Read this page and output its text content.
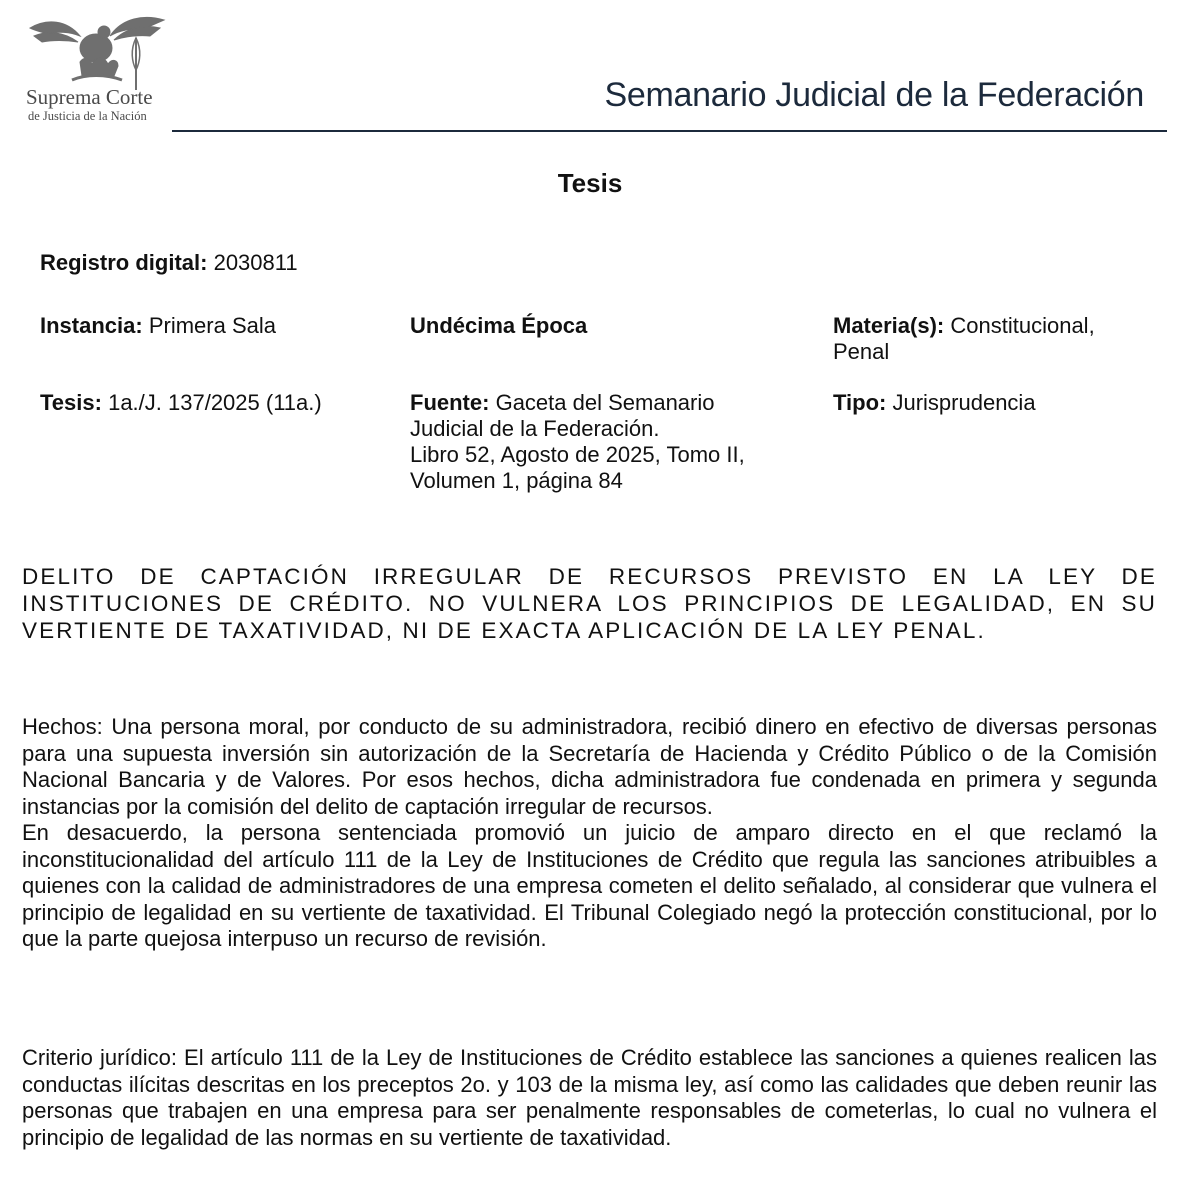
Suprema Corte
de Justicia de la Nación
Semanario Judicial de la Federación
Tesis
Registro digital: 2030811
Instancia: Primera Sala	Undécima Época	Materia(s): Constitucional,
Penal
Tesis: 1a./J. 137/2025 (11a.)	Fuente: Gaceta del Semanario
Judicial de la Federación.
Libro 52, Agosto de 2025, Tomo II,
Volumen 1, página 84
Tipo: Jurisprudencia
DELITO DE CAPTACIÓN IRREGULAR DE RECURSOS PREVISTO EN LA LEY DE INSTITUCIONES DE CRÉDITO. NO VULNERA LOS PRINCIPIOS DE LEGALIDAD, EN SU VERTIENTE DE TAXATIVIDAD, NI DE EXACTA APLICACIÓN DE LA LEY PENAL.

Hechos: Una persona moral, por conducto de su administradora, recibió dinero en efectivo de diversas personas para una supuesta inversión sin autorización de la Secretaría de Hacienda y Crédito Público o de la Comisión Nacional Bancaria y de Valores. Por esos hechos, dicha administradora fue condenada en primera y segunda instancias por la comisión del delito de captación irregular de recursos.

En desacuerdo, la persona sentenciada promovió un juicio de amparo directo en el que reclamó la inconstitucionalidad del artículo 111 de la Ley de Instituciones de Crédito que regula las sanciones atribuibles a quienes con la calidad de administradores de una empresa cometen el delito señalado, al considerar que vulnera el principio de legalidad en su vertiente de taxatividad. El Tribunal Colegiado negó la protección constitucional, por lo que la parte quejosa interpuso un recurso de revisión.

Criterio jurídico: El artículo 111 de la Ley de Instituciones de Crédito establece las sanciones a quienes realicen las conductas ilícitas descritas en los preceptos 2o. y 103 de la misma ley, así como las calidades que deben reunir las personas que trabajen en una empresa para ser penalmente responsables de cometerlas, lo cual no vulnera el principio de legalidad de las normas en su vertiente de taxatividad.
